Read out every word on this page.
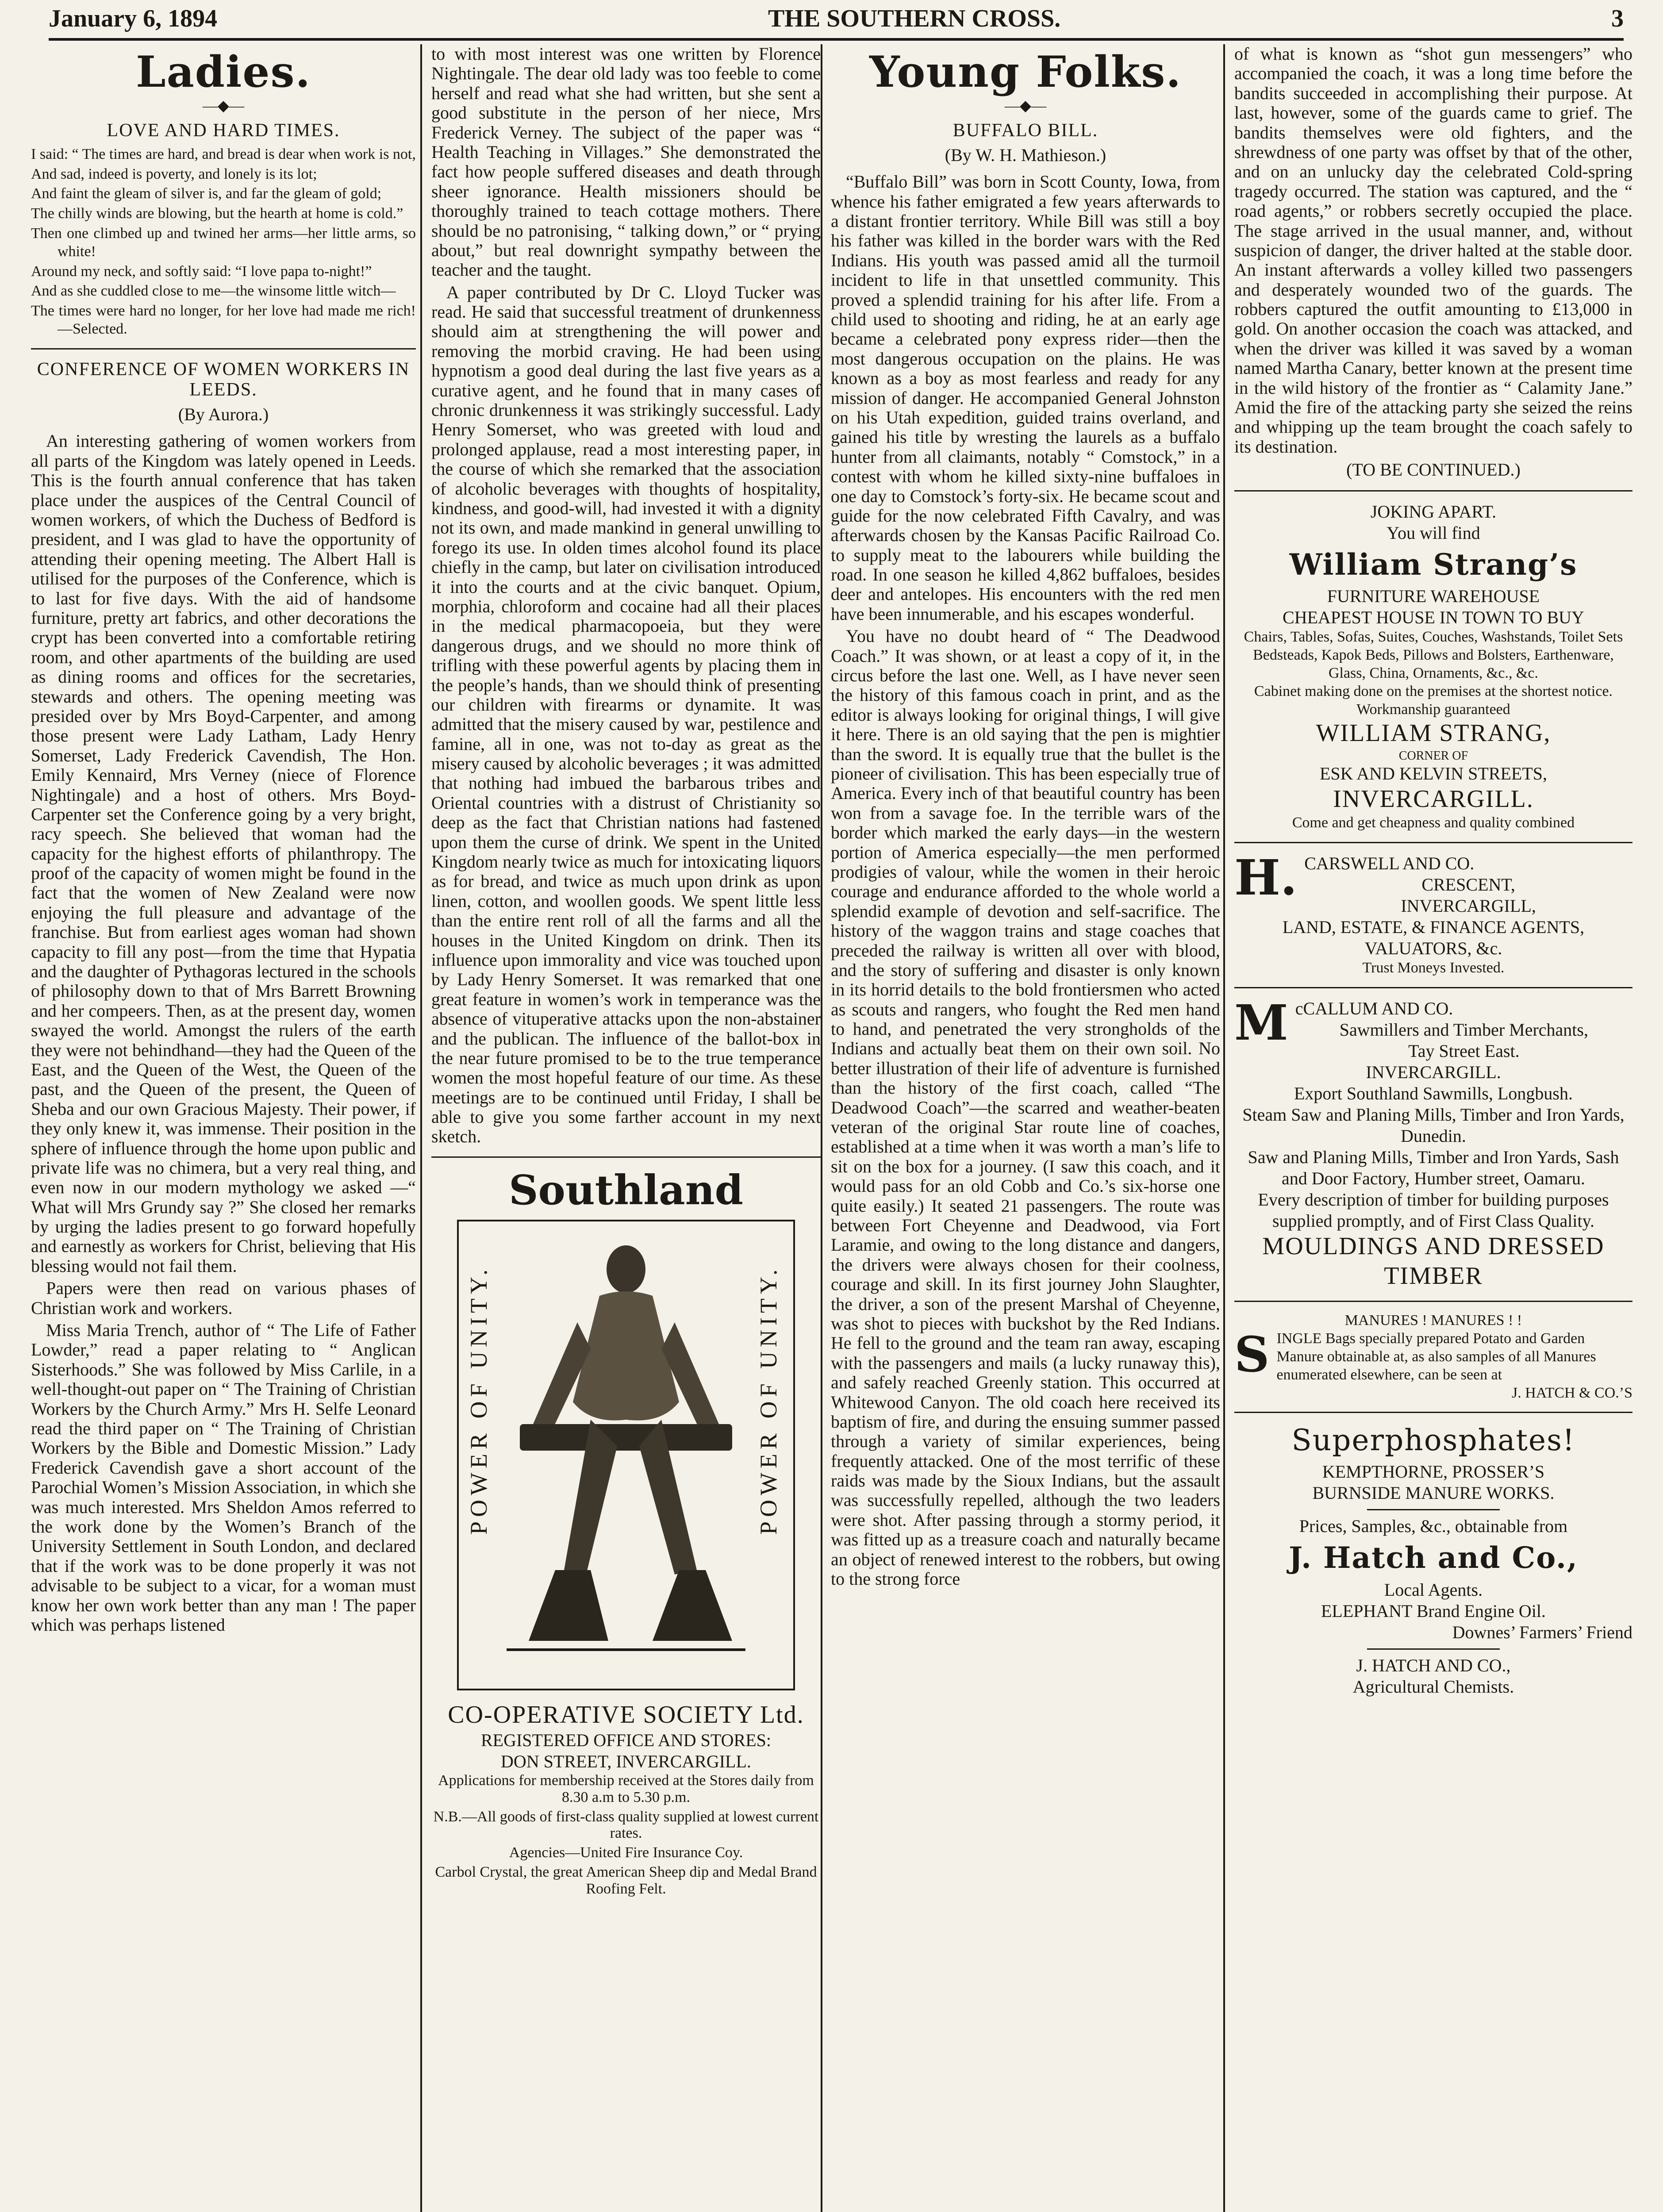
January 6, 1894	THE SOUTHERN CROSS.	3
Ladies.
—◆—
LOVE AND HARD TIMES.
I said: “ The times are hard, and bread is dear when work is not,
And sad, indeed is poverty, and lonely is its lot;
And faint the gleam of silver is, and far the gleam of gold;
The chilly winds are blowing, but the hearth at home is cold.”
Then one climbed up and twined her arms—her little arms, so white!
Around my neck, and softly said: “I love papa to-night!”
And as she cuddled close to me—the winsome little witch—
The times were hard no longer, for her love had made me rich!—Selected.
CONFERENCE OF WOMEN WORKERS IN LEEDS.
(By Aurora.)

An interesting gathering of women workers from all parts of the Kingdom was lately opened in Leeds. This is the fourth annual conference that has taken place under the auspices of the Central Council of women workers, of which the Duchess of Bedford is president, and I was glad to have the opportunity of attending their opening meeting. The Albert Hall is utilised for the purposes of the Conference, which is to last for five days. With the aid of handsome furniture, pretty art fabrics, and other decorations the crypt has been converted into a comfortable retiring room, and other apartments of the building are used as dining rooms and offices for the secretaries, stewards and others. The opening meeting was presided over by Mrs Boyd-Carpenter, and among those present were Lady Latham, Lady Henry Somerset, Lady Frederick Cavendish, The Hon. Emily Kennaird, Mrs Verney (niece of Florence Nightingale) and a host of others. Mrs Boyd-Carpenter set the Conference going by a very bright, racy speech. She believed that woman had the capacity for the highest efforts of philanthropy. The proof of the capacity of women might be found in the fact that the women of New Zealand were now enjoying the full pleasure and advantage of the franchise. But from earliest ages woman had shown capacity to fill any post—from the time that Hypatia and the daughter of Pythagoras lectured in the schools of philosophy down to that of Mrs Barrett Browning and her compeers. Then, as at the present day, women swayed the world. Amongst the rulers of the earth they were not behindhand—they had the Queen of the East, and the Queen of the West, the Queen of the past, and the Queen of the present, the Queen of Sheba and our own Gracious Majesty. Their power, if they only knew it, was immense. Their position in the sphere of influence through the home upon public and private life was no chimera, but a very real thing, and even now in our modern mythology we asked —“ What will Mrs Grundy say ?” She closed her remarks by urging the ladies present to go forward hopefully and earnestly as workers for Christ, believing that His blessing would not fail them.

Papers were then read on various phases of Christian work and workers.

Miss Maria Trench, author of “ The Life of Father Lowder,” read a paper relating to “ Anglican Sisterhoods.” She was followed by Miss Carlile, in a well-thought-out paper on “ The Training of Christian Workers by the Church Army.” Mrs H. Selfe Leonard read the third paper on “ The Training of Christian Workers by the Bible and Domestic Mission.” Lady Frederick Cavendish gave a short account of the Parochial Women’s Mission Association, in which she was much interested. Mrs Sheldon Amos referred to the work done by the Women’s Branch of the University Settlement in South London, and declared that if the work was to be done properly it was not advisable to be subject to a vicar, for a woman must know her own work better than any man ! The paper which was perhaps listened

to with most interest was one written by Florence Nightingale. The dear old lady was too feeble to come herself and read what she had written, but she sent a good substitute in the person of her niece, Mrs Frederick Verney. The subject of the paper was “ Health Teaching in Villages.” She demonstrated the fact how people suffered diseases and death through sheer ignorance. Health missioners should be thoroughly trained to teach cottage mothers. There should be no patronising, “ talking down,” or “ prying about,” but real downright sympathy between the teacher and the taught.

A paper contributed by Dr C. Lloyd Tucker was read. He said that successful treatment of drunkenness should aim at strengthening the will power and removing the morbid craving. He had been using hypnotism a good deal during the last five years as a curative agent, and he found that in many cases of chronic drunkenness it was strikingly successful. Lady Henry Somerset, who was greeted with loud and prolonged applause, read a most interesting paper, in the course of which she remarked that the association of alcoholic beverages with thoughts of hospitality, kindness, and good-will, had invested it with a dignity not its own, and made mankind in general unwilling to forego its use. In olden times alcohol found its place chiefly in the camp, but later on civilisation introduced it into the courts and at the civic banquet. Opium, morphia, chloroform and cocaine had all their places in the medical pharmacopoeia, but they were dangerous drugs, and we should no more think of trifling with these powerful agents by placing them in the people’s hands, than we should think of presenting our children with firearms or dynamite. It was admitted that the misery caused by war, pestilence and famine, all in one, was not to-day as great as the misery caused by alcoholic beverages ; it was admitted that nothing had imbued the barbarous tribes and Oriental countries with a distrust of Christianity so deep as the fact that Christian nations had fastened upon them the curse of drink. We spent in the United Kingdom nearly twice as much for intoxicating liquors as for bread, and twice as much upon drink as upon linen, cotton, and woollen goods. We spent little less than the entire rent roll of all the farms and all the houses in the United Kingdom on drink. Then its influence upon immorality and vice was touched upon by Lady Henry Somerset. It was remarked that one great feature in women’s work in temperance was the absence of vituperative attacks upon the non-abstainer and the publican. The influence of the ballot-box in the near future promised to be to the true temperance women the most hopeful feature of our time. As these meetings are to be continued until Friday, I shall be able to give you some farther account in my next sketch.

Southland
POWER OF UNITY.	POWER OF UNITY.
CO-OPERATIVE SOCIETY Ltd.
REGISTERED OFFICE AND STORES:
DON STREET, INVERCARGILL.

Applications for membership received at the Stores daily from 8.30 a.m to 5.30 p.m.

N.B.—All goods of first-class quality supplied at lowest current rates.

Agencies—United Fire Insurance Coy.

Carbol Crystal, the great American Sheep dip and Medal Brand Roofing Felt.

Young Folks.
—◆—
BUFFALO BILL.
(By W. H. Mathieson.)

“Buffalo Bill” was born in Scott County, Iowa, from whence his father emigrated a few years afterwards to a distant frontier territory. While Bill was still a boy his father was killed in the border wars with the Red Indians. His youth was passed amid all the turmoil incident to life in that unsettled community. This proved a splendid training for his after life. From a child used to shooting and riding, he at an early age became a celebrated pony express rider—then the most dangerous occupation on the plains. He was known as a boy as most fearless and ready for any mission of danger. He accompanied General Johnston on his Utah expedition, guided trains overland, and gained his title by wresting the laurels as a buffalo hunter from all claimants, notably “ Comstock,” in a contest with whom he killed sixty-nine buffaloes in one day to Comstock’s forty-six. He became scout and guide for the now celebrated Fifth Cavalry, and was afterwards chosen by the Kansas Pacific Railroad Co. to supply meat to the labourers while building the road. In one season he killed 4,862 buffaloes, besides deer and antelopes. His encounters with the red men have been innumerable, and his escapes wonderful.

You have no doubt heard of “ The Deadwood Coach.” It was shown, or at least a copy of it, in the circus before the last one. Well, as I have never seen the history of this famous coach in print, and as the editor is always looking for original things, I will give it here. There is an old saying that the pen is mightier than the sword. It is equally true that the bullet is the pioneer of civilisation. This has been especially true of America. Every inch of that beautiful country has been won from a savage foe. In the terrible wars of the border which marked the early days—in the western portion of America especially—the men performed prodigies of valour, while the women in their heroic courage and endurance afforded to the whole world a splendid example of devotion and self-sacrifice. The history of the waggon trains and stage coaches that preceded the railway is written all over with blood, and the story of suffering and disaster is only known in its horrid details to the bold frontiersmen who acted as scouts and rangers, who fought the Red men hand to hand, and penetrated the very strongholds of the Indians and actually beat them on their own soil. No better illustration of their life of adventure is furnished than the history of the first coach, called “The Deadwood Coach”—the scarred and weather-beaten veteran of the original Star route line of coaches, established at a time when it was worth a man’s life to sit on the box for a journey. (I saw this coach, and it would pass for an old Cobb and Co.’s six-horse one quite easily.) It seated 21 passengers. The route was between Fort Cheyenne and Deadwood, via Fort Laramie, and owing to the long distance and dangers, the drivers were always chosen for their coolness, courage and skill. In its first journey John Slaughter, the driver, a son of the present Marshal of Cheyenne, was shot to pieces with buckshot by the Red Indians. He fell to the ground and the team ran away, escaping with the passengers and mails (a lucky runaway this), and safely reached Greenly station. This occurred at Whitewood Canyon. The old coach here received its baptism of fire, and during the ensuing summer passed through a variety of similar experiences, being frequently attacked. One of the most terrific of these raids was made by the Sioux Indians, but the assault was successfully repelled, although the two leaders were shot. After passing through a stormy period, it was fitted up as a treasure coach and naturally became an object of renewed interest to the robbers, but owing to the strong force

of what is known as “shot gun messengers” who accompanied the coach, it was a long time before the bandits succeeded in accomplishing their purpose. At last, however, some of the guards came to grief. The bandits themselves were old fighters, and the shrewdness of one party was offset by that of the other, and on an unlucky day the celebrated Cold-spring tragedy occurred. The station was captured, and the “ road agents,” or robbers secretly occupied the place. The stage arrived in the usual manner, and, without suspicion of danger, the driver halted at the stable door. An instant afterwards a volley killed two passengers and desperately wounded two of the guards. The robbers captured the outfit amounting to £13,000 in gold. On another occasion the coach was attacked, and when the driver was killed it was saved by a woman named Martha Canary, better known at the present time in the wild history of the frontier as “ Calamity Jane.” Amid the fire of the attacking party she seized the reins and whipping up the team brought the coach safely to its destination.

(TO BE CONTINUED.)
JOKING APART.
You will find
William Strang’s
FURNITURE WAREHOUSE
CHEAPEST HOUSE IN TOWN TO BUY
Chairs, Tables, Sofas, Suites, Couches, Washstands, Toilet Sets Bedsteads, Kapok Beds, Pillows and Bolsters, Earthenware, Glass, China, Ornaments, &c., &c.
Cabinet making done on the premises at the shortest notice. Workmanship guaranteed
WILLIAM STRANG,
CORNER OF
ESK AND KELVIN STREETS,
INVERCARGILL.
Come and get cheapness and quality combined
H. CARSWELL AND CO.
CRESCENT,
INVERCARGILL,
LAND, ESTATE, & FINANCE AGENTS,
VALUATORS, &c.
Trust Moneys Invested.
McCALLUM AND CO.
Sawmillers and Timber Merchants,
Tay Street East.
INVERCARGILL.
Export Southland Sawmills, Longbush.
Steam Saw and Planing Mills, Timber and Iron Yards, Dunedin.
Saw and Planing Mills, Timber and Iron Yards, Sash and Door Factory, Humber street, Oamaru.
Every description of timber for building purposes supplied promptly, and of First Class Quality.
MOULDINGS AND DRESSED TIMBER
MANURES ! MANURES ! !
SINGLE Bags specially prepared Potato and Garden Manure obtainable at, as also samples of all Manures enumerated elsewhere, can be seen at
J. HATCH & CO.’S
Superphosphates!
KEMPTHORNE, PROSSER’S
BURNSIDE MANURE WORKS.
Prices, Samples, &c., obtainable from
J. Hatch and Co.,
Local Agents.
ELEPHANT Brand Engine Oil.
Downes’ Farmers’ Friend
J. HATCH AND CO.,
Agricultural Chemists.
